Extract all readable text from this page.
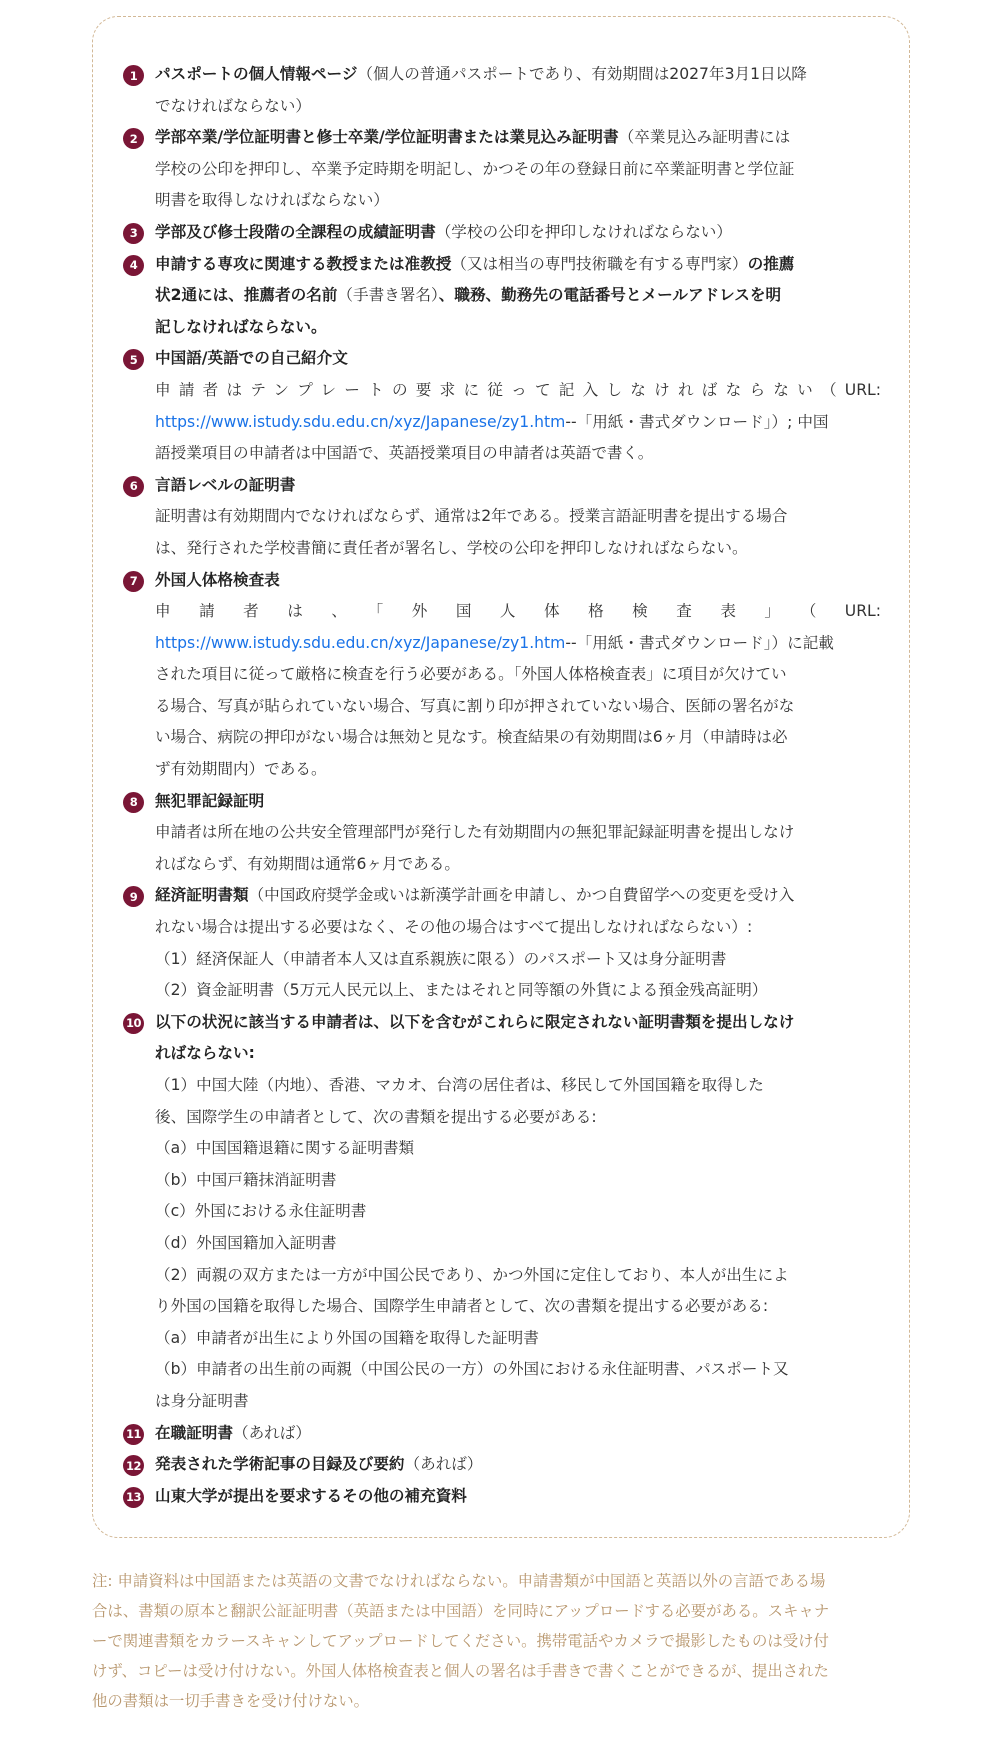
1	パスポートの個人情報ページ（個人の普通パスポートであり、有効期間は2027年3月1日以降
でなければならない）
2	学部卒業/学位証明書と修士卒業/学位証明書または業見込み証明書（卒業見込み証明書には
学校の公印を押印し、卒業予定時期を明記し、かつその年の登録日前に卒業証明書と学位証
明書を取得しなければならない）
3	学部及び修士段階の全課程の成績証明書（学校の公印を押印しなければならない）
4	申請する専攻に関連する教授または准教授（又は相当の専門技術職を有する専門家）の推薦
状2通には、推薦者の名前（手書き署名）、職務、勤務先の電話番号とメールアドレスを明
記しなければならない。
5	中国語/英語での自己紹介文
申請者はテンプレートの要求に従って記入しなければならない（URL:
https://www.istudy.sdu.edu.cn/xyz/Japanese/zy1.htm--「用紙・書式ダウンロード」）; 中国
語授業項目の申請者は中国語で、英語授業項目の申請者は英語で書く。
6	言語レベルの証明書
証明書は有効期間内でなければならず、通常は2年である。授業言語証明書を提出する場合
は、発行された学校書簡に責任者が署名し、学校の公印を押印しなければならない。
7	外国人体格検査表
申請者は、「外国人体格検査表」（URL:
https://www.istudy.sdu.edu.cn/xyz/Japanese/zy1.htm--「用紙・書式ダウンロード」）に記載
された項目に従って厳格に検査を行う必要がある。「外国人体格検査表」に項目が欠けてい
る場合、写真が貼られていない場合、写真に割り印が押されていない場合、医師の署名がな
い場合、病院の押印がない場合は無効と見なす。検査結果の有効期間は6ヶ月（申請時は必
ず有効期間内）である。
8	無犯罪記録証明
申請者は所在地の公共安全管理部門が発行した有効期間内の無犯罪記録証明書を提出しなけ
ればならず、有効期間は通常6ヶ月である。
9	経済証明書類（中国政府奨学金或いは新漢学計画を申請し、かつ自費留学への変更を受け入
れない場合は提出する必要はなく、その他の場合はすべて提出しなければならない）:
（1）経済保証人（申請者本人又は直系親族に限る）のパスポート又は身分証明書
（2）資金証明書（5万元人民元以上、またはそれと同等額の外貨による預金残高証明）
10 以下の状況に該当する申請者は、以下を含むがこれらに限定されない証明書類を提出しなけ
ればならない:
（1）中国大陸（内地）、香港、マカオ、台湾の居住者は、移民して外国国籍を取得した
後、国際学生の申請者として、次の書類を提出する必要がある:
（a）中国国籍退籍に関する証明書類
（b）中国戸籍抹消証明書
（c）外国における永住証明書
（d）外国国籍加入証明書
（2）両親の双方または一方が中国公民であり、かつ外国に定住しており、本人が出生によ
り外国の国籍を取得した場合、国際学生申請者として、次の書類を提出する必要がある:
（a）申請者が出生により外国の国籍を取得した証明書
（b）申請者の出生前の両親（中国公民の一方）の外国における永住証明書、パスポート又
は身分証明書
11 在職証明書（あれば）
12 発表された学術記事の目録及び要約（あれば）
13 山東大学が提出を要求するその他の補充資料
注: 申請資料は中国語または英語の文書でなければならない。申請書類が中国語と英語以外の言語である場
合は、書類の原本と翻訳公証証明書（英語または中国語）を同時にアップロードする必要がある。スキャナ
ーで関連書類をカラースキャンしてアップロードしてください。携帯電話やカメラで撮影したものは受け付
けず、コピーは受け付けない。外国人体格検査表と個人の署名は手書きで書くことができるが、提出された
他の書類は一切手書きを受け付けない。
